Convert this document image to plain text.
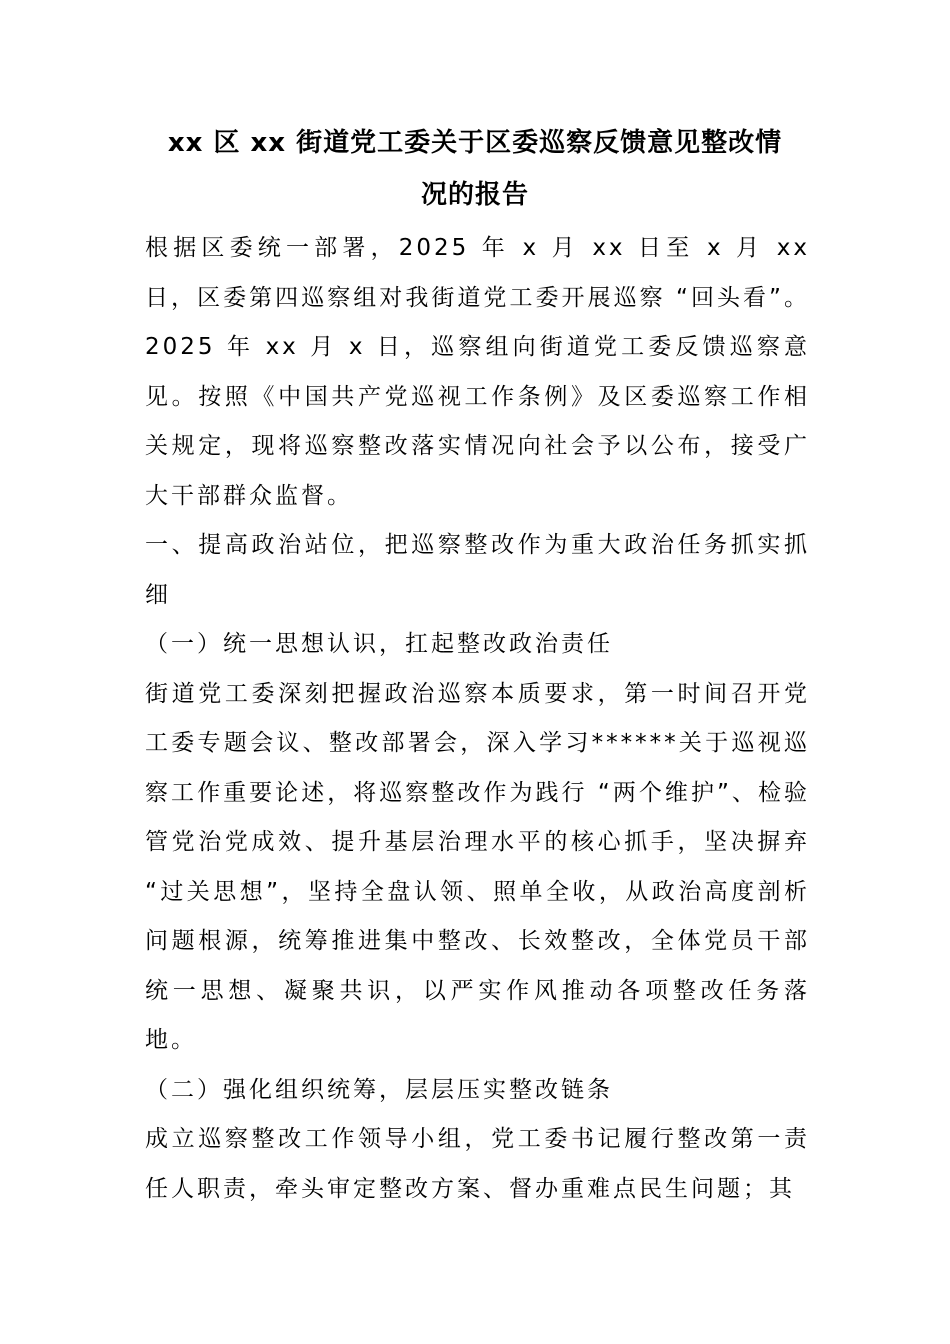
xx 区 xx 街道党工委关于区委巡察反馈意见整改情
况的报告

根据区委统一部署，2025 年 x 月 xx 日至 x 月 xx 日，区委第四巡察组对我街道党工委开展巡察 “回头看”。2025 年 xx 月 x 日，巡察组向街道党工委反馈巡察意见。按照《中国共产党巡视工作条例》及区委巡察工作相关规定，现将巡察整改落实情况向社会予以公布，接受广大干部群众监督。

一、提高政治站位，把巡察整改作为重大政治任务抓实抓细

（一）统一思想认识，扛起整改政治责任

街道党工委深刻把握政治巡察本质要求，第一时间召开党工委专题会议、整改部署会，深入学习******关于巡视巡察工作重要论述，将巡察整改作为践行 “两个维护”、检验管党治党成效、提升基层治理水平的核心抓手，坚决摒弃 “过关思想”，坚持全盘认领、照单全收，从政治高度剖析问题根源，统筹推进集中整改、长效整改，全体党员干部统一思想、凝聚共识，以严实作风推动各项整改任务落地。

（二）强化组织统筹，层层压实整改链条

成立巡察整改工作领导小组，党工委书记履行整改第一责任人职责，牵头审定整改方案、督办重难点民生问题；其
